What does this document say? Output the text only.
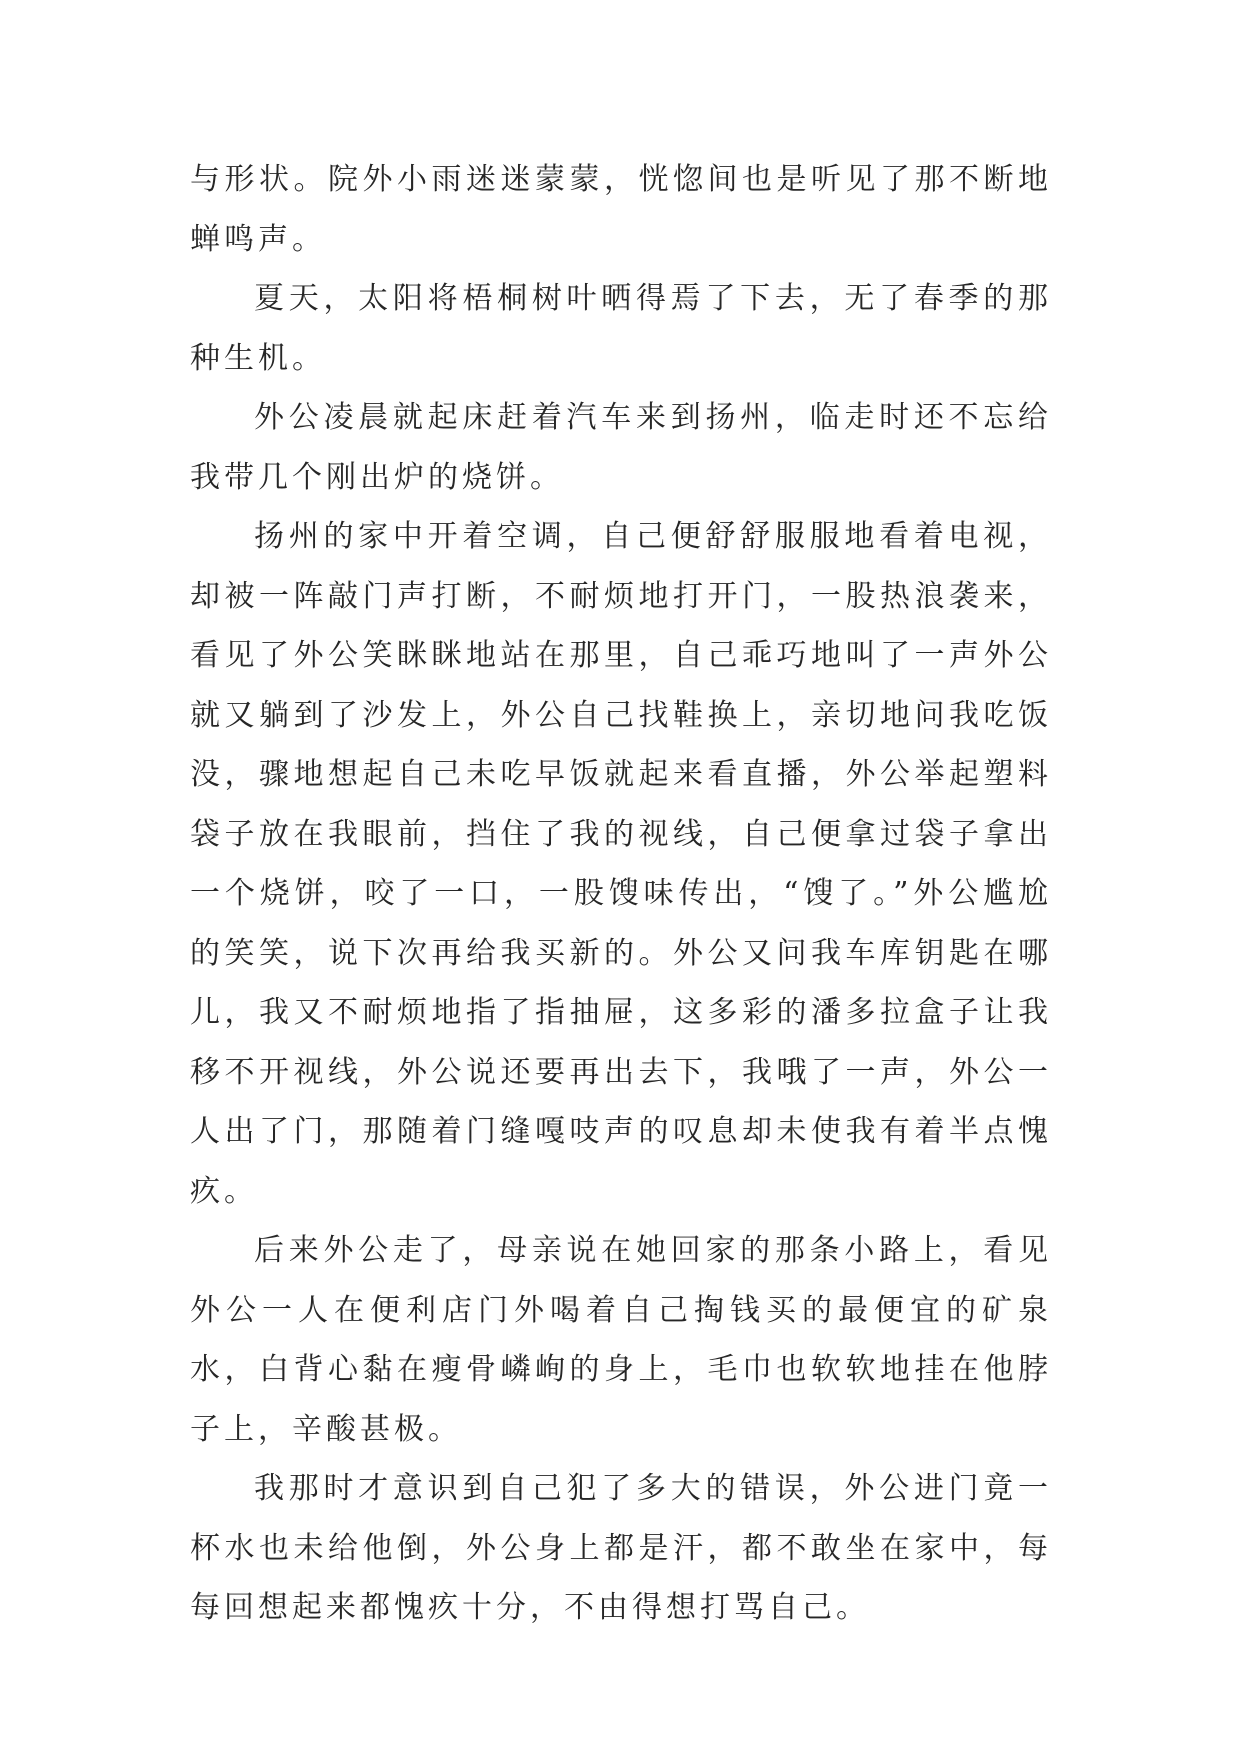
与形状。院外小雨迷迷蒙蒙，恍惚间也是听见了那不断地蝉鸣声。

夏天，太阳将梧桐树叶晒得焉了下去，无了春季的那种生机。

外公凌晨就起床赶着汽车来到扬州，临走时还不忘给我带几个刚出炉的烧饼。

扬州的家中开着空调，自己便舒舒服服地看着电视，却被一阵敲门声打断，不耐烦地打开门，一股热浪袭来，看见了外公笑眯眯地站在那里，自己乖巧地叫了一声外公就又躺到了沙发上，外公自己找鞋换上，亲切地问我吃饭没，骤地想起自己未吃早饭就起来看直播，外公举起塑料袋子放在我眼前，挡住了我的视线，自己便拿过袋子拿出一个烧饼，咬了一口，一股馊味传出，“馊了。”外公尴尬的笑笑，说下次再给我买新的。外公又问我车库钥匙在哪儿，我又不耐烦地指了指抽屉，这多彩的潘多拉盒子让我移不开视线，外公说还要再出去下，我哦了一声，外公一人出了门，那随着门缝嘎吱声的叹息却未使我有着半点愧疚。

后来外公走了，母亲说在她回家的那条小路上，看见外公一人在便利店门外喝着自己掏钱买的最便宜的矿泉水，白背心黏在瘦骨嶙峋的身上，毛巾也软软地挂在他脖子上，辛酸甚极。

我那时才意识到自己犯了多大的错误，外公进门竟一杯水也未给他倒，外公身上都是汗，都不敢坐在家中，每每回想起来都愧疚十分，不由得想打骂自己。
